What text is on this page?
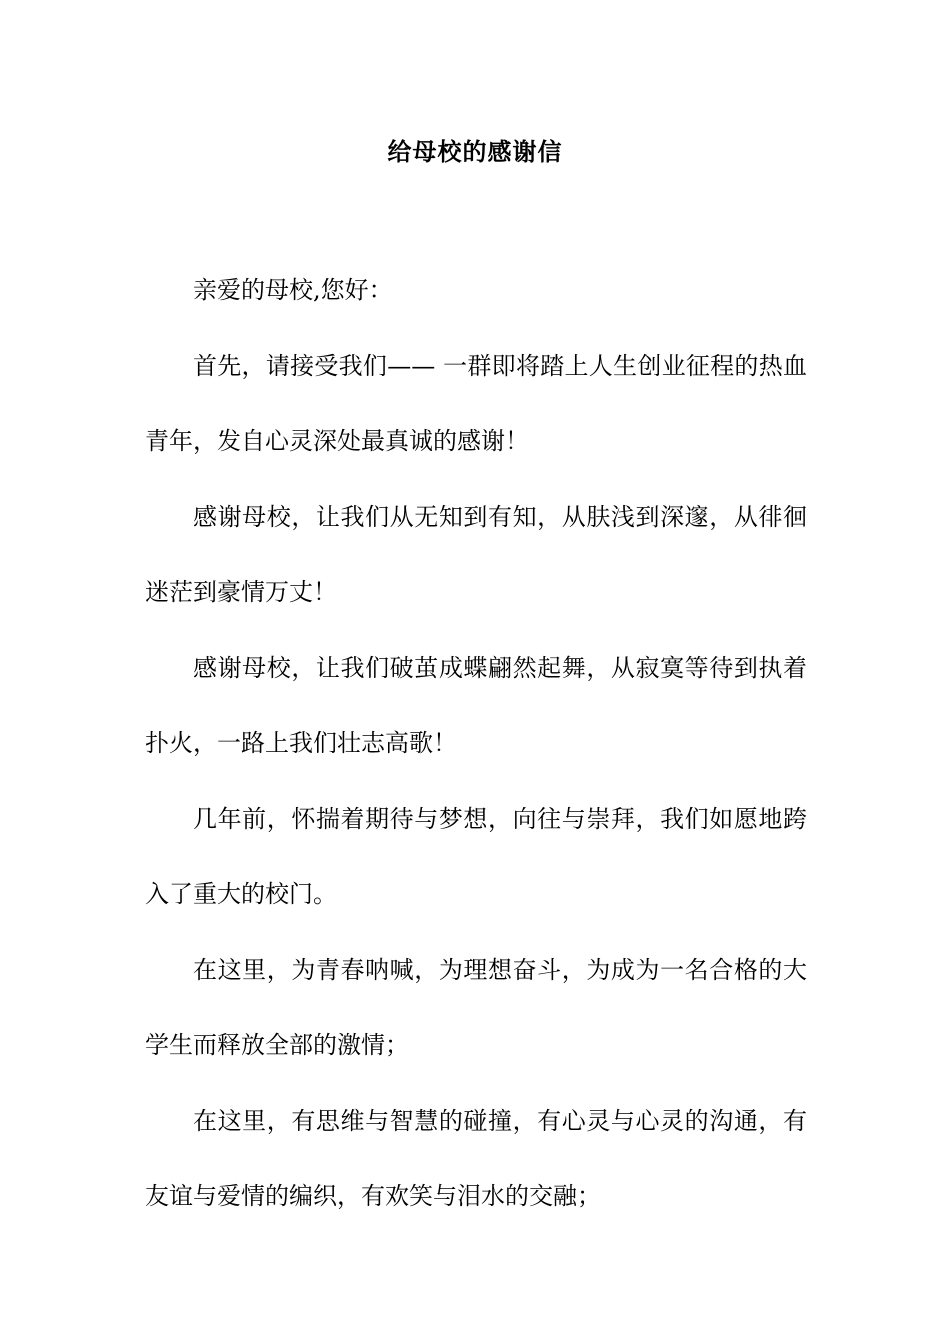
给母校的感谢信

亲爱的母校,您好：

首先，请接受我们—— 一群即将踏上人生创业征程的热血青年，发自心灵深处最真诚的感谢！

感谢母校，让我们从无知到有知，从肤浅到深邃，从徘徊迷茫到豪情万丈！

感谢母校，让我们破茧成蝶翩然起舞，从寂寞等待到执着扑火，一路上我们壮志高歌！

几年前，怀揣着期待与梦想，向往与崇拜，我们如愿地跨入了重大的校门。

在这里，为青春呐喊，为理想奋斗，为成为一名合格的大学生而释放全部的激情；

在这里，有思维与智慧的碰撞，有心灵与心灵的沟通，有友谊与爱情的编织，有欢笑与泪水的交融；
